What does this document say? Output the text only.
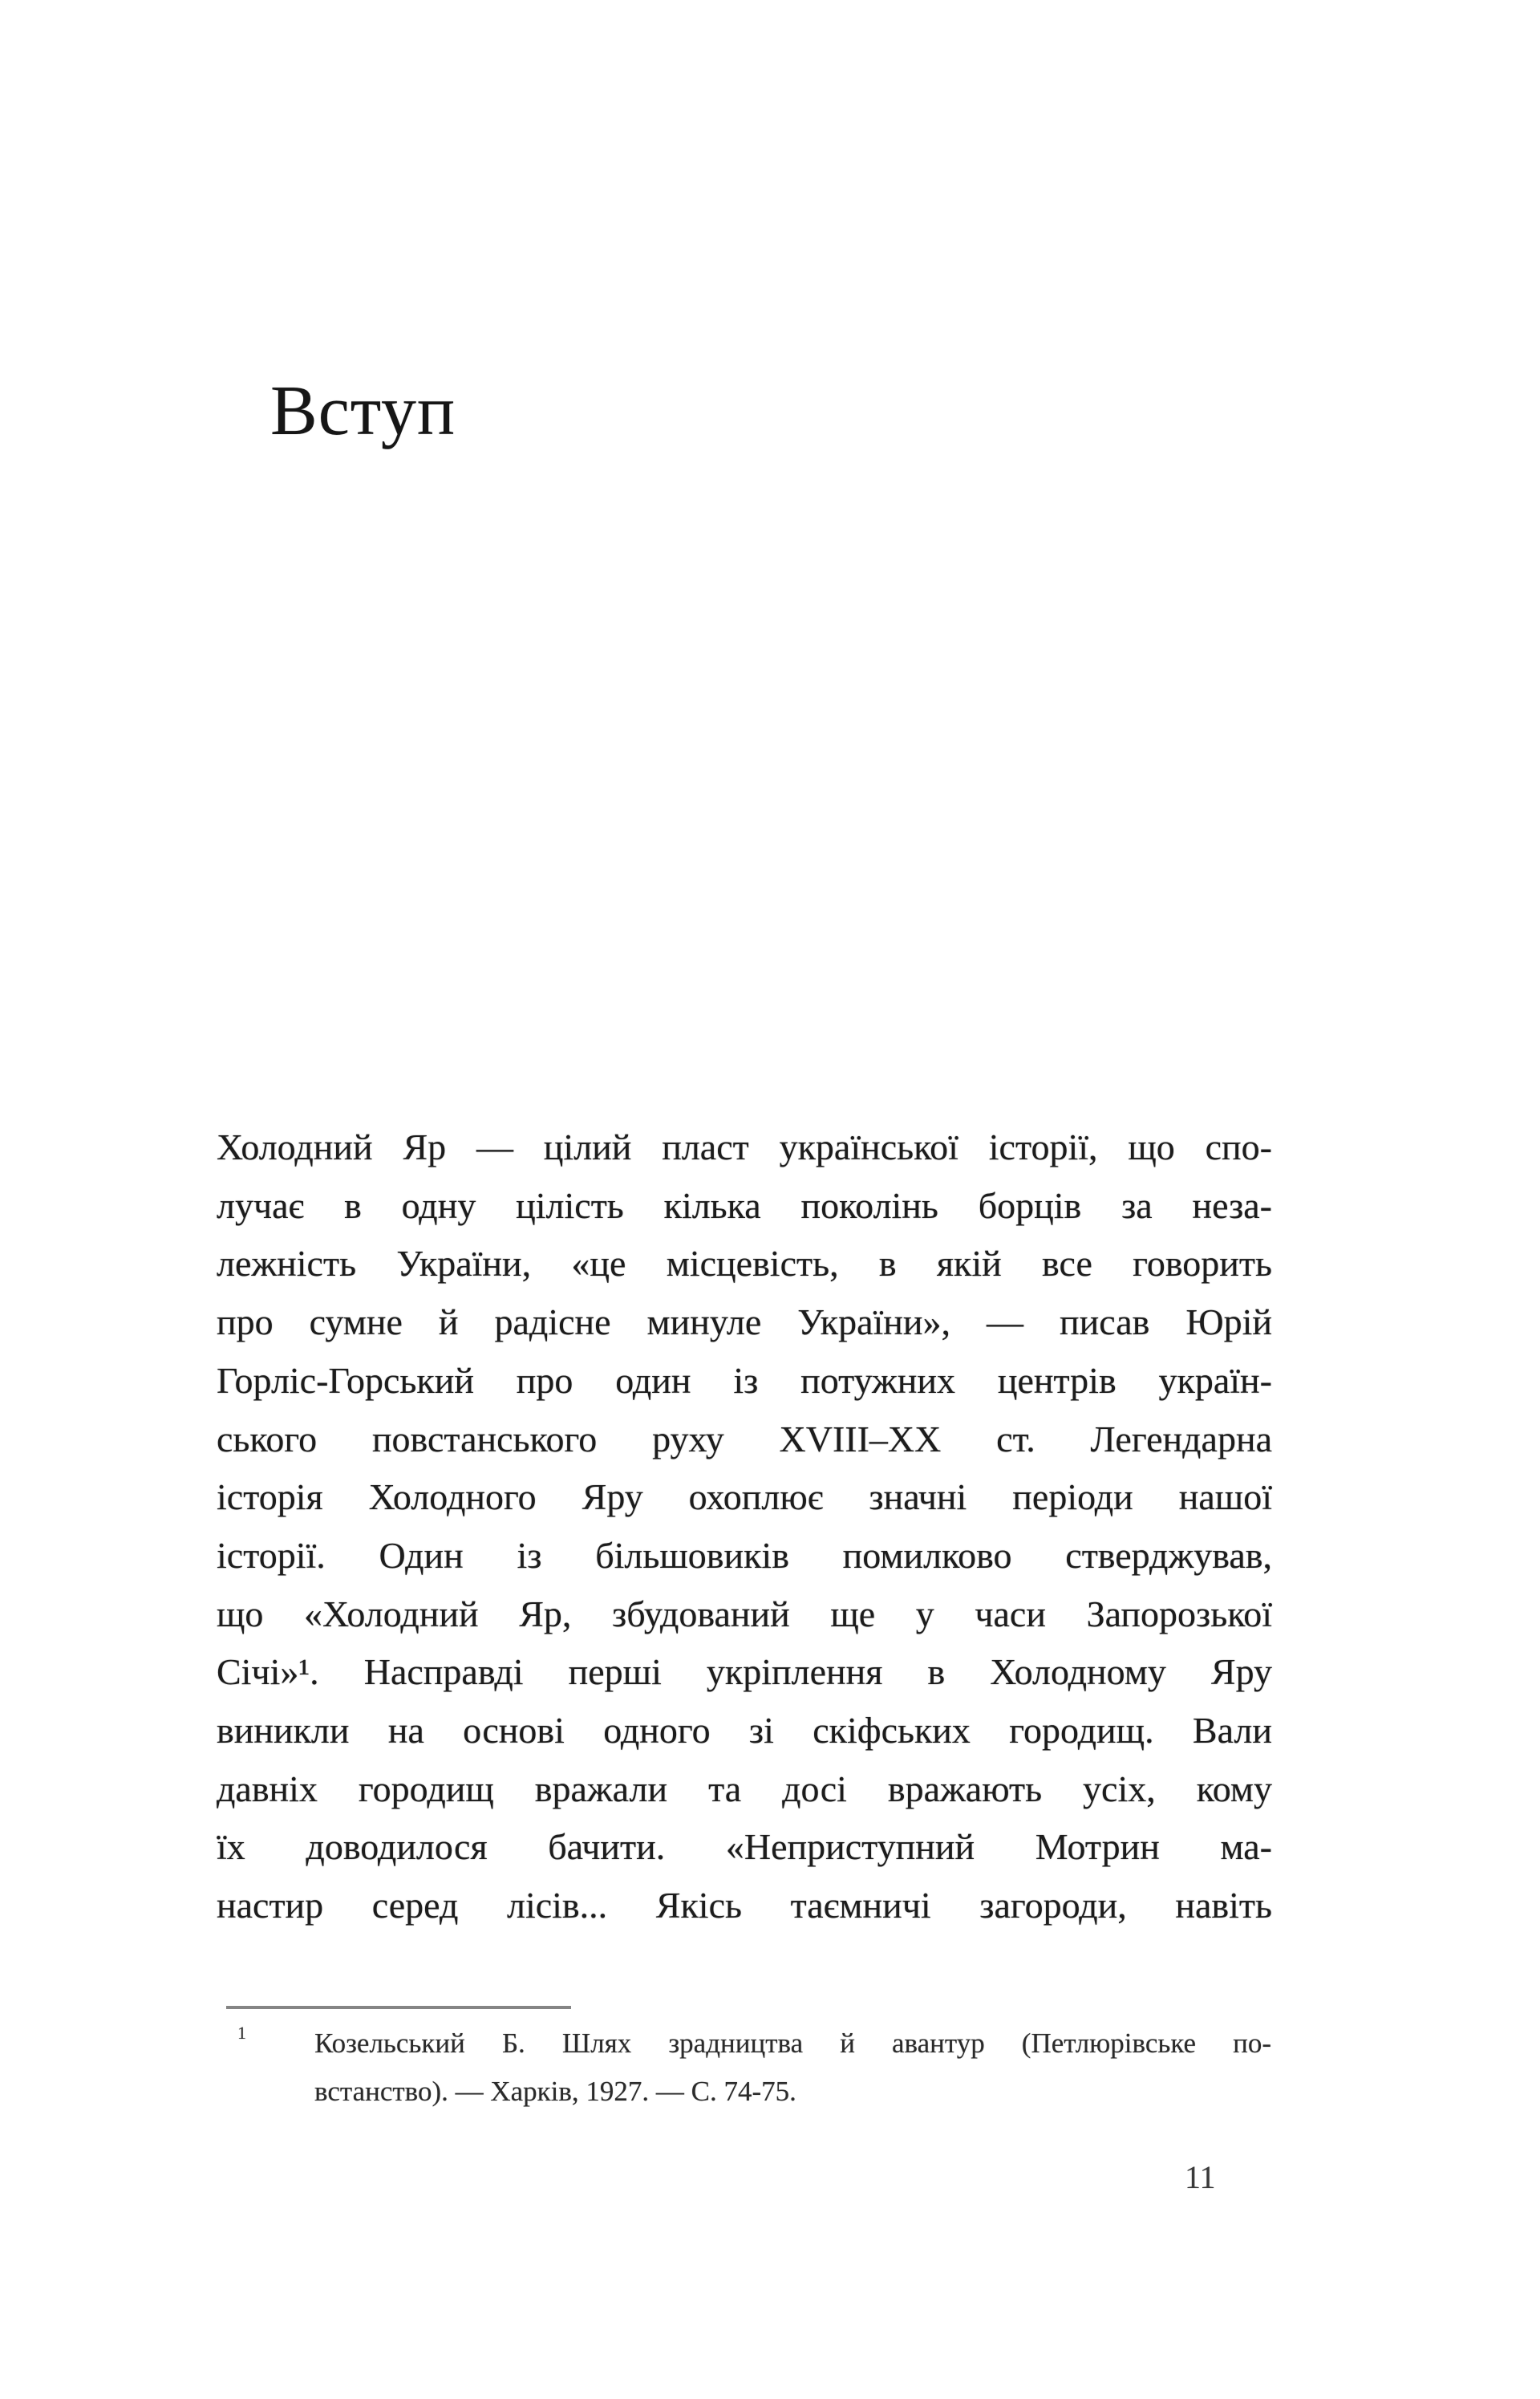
Вступ
Холодний Яр — цілий пласт української історії, що спо-
лучає в одну цілість кілька поколінь борців за неза-
лежність України, «це місцевість, в якій все говорить
про сумне й радісне минуле України», — писав Юрій
Горліс-Горський про один із потужних центрів україн-
ського повстанського руху XVIII–XX ст. Легендарна
історія Холодного Яру охоплює значні періоди нашої
історії. Один із більшовиків помилково стверджував,
що «Холодний Яр, збудований ще у часи Запорозької
Січі»¹. Насправді перші укріплення в Холодному Яру
виникли на основі одного зі скіфських городищ. Вали
давніх городищ вражали та досі вражають усіх, кому
їх доводилося бачити. «Неприступний Мотрин ма-
настир серед лісів... Якісь таємничі загороди, навіть
1 Козельський Б. Шлях зрадництва й авантур (Петлюрівське по-
встанство). — Харків, 1927. — С. 74-75.
11
